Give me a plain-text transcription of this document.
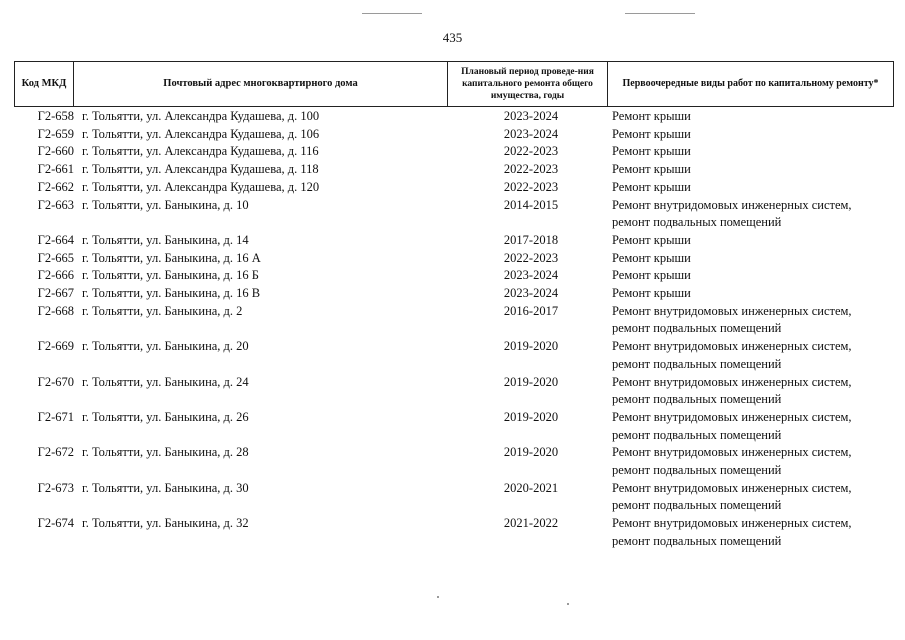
435
Код МКД	Почтовый адрес многоквартирного дома	Плановый период проведе-ния капитального ремонта общего имущества, годы	Первоочередные виды работ по капитальному ремонту*
Г2-658 г. Тольятти, ул. Александра Кудашева, д. 100	2023-2024	Ремонт крыши
Г2-659 г. Тольятти, ул. Александра Кудашева, д. 106	2023-2024	Ремонт крыши
Г2-660 г. Тольятти, ул. Александра Кудашева, д. 116	2022-2023	Ремонт крыши
Г2-661 г. Тольятти, ул. Александра Кудашева, д. 118	2022-2023	Ремонт крыши
Г2-662 г. Тольятти, ул. Александра Кудашева, д. 120	2022-2023	Ремонт крыши
Г2-663 г. Тольятти, ул. Баныкина, д. 10	2014-2015	Ремонт внутридомовых инженерных систем,
ремонт подвальных помещений
Г2-664 г. Тольятти, ул. Баныкина, д. 14	2017-2018	Ремонт крыши
Г2-665 г. Тольятти, ул. Баныкина, д. 16 А	2022-2023	Ремонт крыши
Г2-666 г. Тольятти, ул. Баныкина, д. 16 Б	2023-2024	Ремонт крыши
Г2-667 г. Тольятти, ул. Баныкина, д. 16 В	2023-2024	Ремонт крыши
Г2-668 г. Тольятти, ул. Баныкина, д. 2	2016-2017	Ремонт внутридомовых инженерных систем,
ремонт подвальных помещений
Г2-669 г. Тольятти, ул. Баныкина, д. 20	2019-2020	Ремонт внутридомовых инженерных систем,
ремонт подвальных помещений
Г2-670 г. Тольятти, ул. Баныкина, д. 24	2019-2020	Ремонт внутридомовых инженерных систем,
ремонт подвальных помещений
Г2-671 г. Тольятти, ул. Баныкина, д. 26	2019-2020	Ремонт внутридомовых инженерных систем,
ремонт подвальных помещений
Г2-672 г. Тольятти, ул. Баныкина, д. 28	2019-2020	Ремонт внутридомовых инженерных систем,
ремонт подвальных помещений
Г2-673 г. Тольятти, ул. Баныкина, д. 30	2020-2021	Ремонт внутридомовых инженерных систем,
ремонт подвальных помещений
Г2-674 г. Тольятти, ул. Баныкина, д. 32	2021-2022	Ремонт внутридомовых инженерных систем,
ремонт подвальных помещений
